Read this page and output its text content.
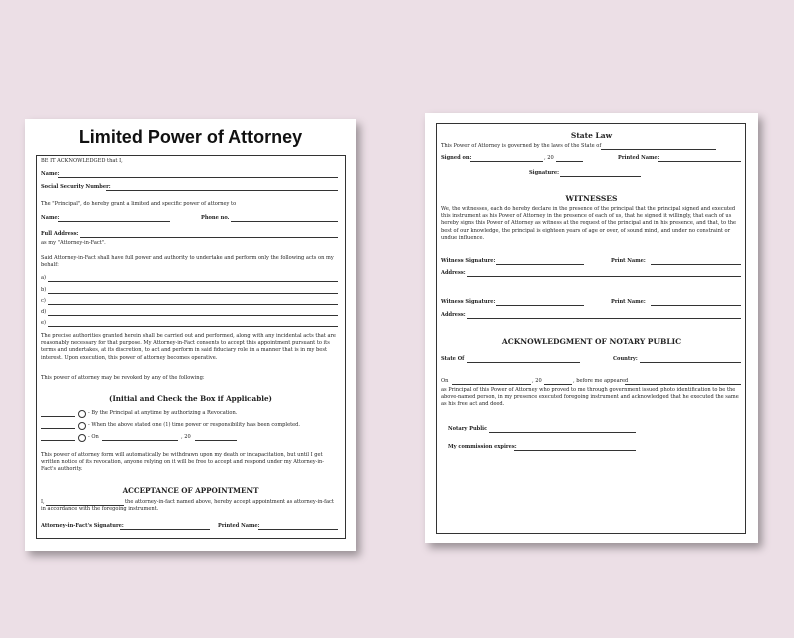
Limited Power of Attorney
BE IT ACKNOWLEDGED that I,
Name:
Social Security Number:
The "Principal", do hereby grant a limited and specific power of attorney to
Name:	Phone no.
Full Address:
as my "Attorney-in-Fact".
Said Attorney-in-Fact shall have full power and authority to undertake and perform only the following acts on my behalf:
a)
b)
c)
d)
e)
The precise authorities granted herein shall be carried out and performed, along with any incidental acts that are reasonably necessary for that purpose. My Attorney-in-Fact consents to accept this appointment pursuant to its terms and undertakes, at its discretion, to act and perform in said fiduciary role in a manner that is in my best interest. Upon execution, this power of attorney becomes operative.
This power of attorney may be revoked by any of the following:
(Initial and Check the Box if Applicable)
- By the Principal at anytime by authorizing a Revocation.
- When the above stated one (1) time power or responsibility has been completed.
- On	, 20
This power of attorney form will automatically be withdrawn upon my death or incapacitation, but until I get written notice of its revocation, anyone relying on it will be free to accept and respond under my Attorney-in-Fact's authority.
ACCEPTANCE OF APPOINTMENT
I,	the attorney-in-fact named above, hereby accept appointment as attorney-in-fact in accordance with the foregoing instrument.
Attorney-in-Fact's Signature:	Printed Name:
State Law
This Power of Attorney is governed by the laws of the State of
Signed on:	, 20	Printed Name:
Signature:
WITNESSES
We, the witnesses, each do hereby declare in the presence of the principal that the principal signed and executed this instrument as his Power of Attorney in the presence of each of us, that he signed it willingly, that each of us hereby signs this Power of Attorney as witness at the request of the principal and in his presence, and that, to the best of our knowledge, the principal is eighteen years of age or over, of sound mind, and under no constraint or undue influence.
Witness Signature:	Print Name:
Address:
Witness Signature:	Print Name:
Address:
ACKNOWLEDGMENT OF NOTARY PUBLIC
State Of	Country:
On	, 20	, before me appeared
as Principal of this Power of Attorney who proved to me through government issued photo identification to be the above-named person, in my presence executed foregoing instrument and acknowledged that he executed the same as his free act and deed.
Notary Public
My commission expires:
